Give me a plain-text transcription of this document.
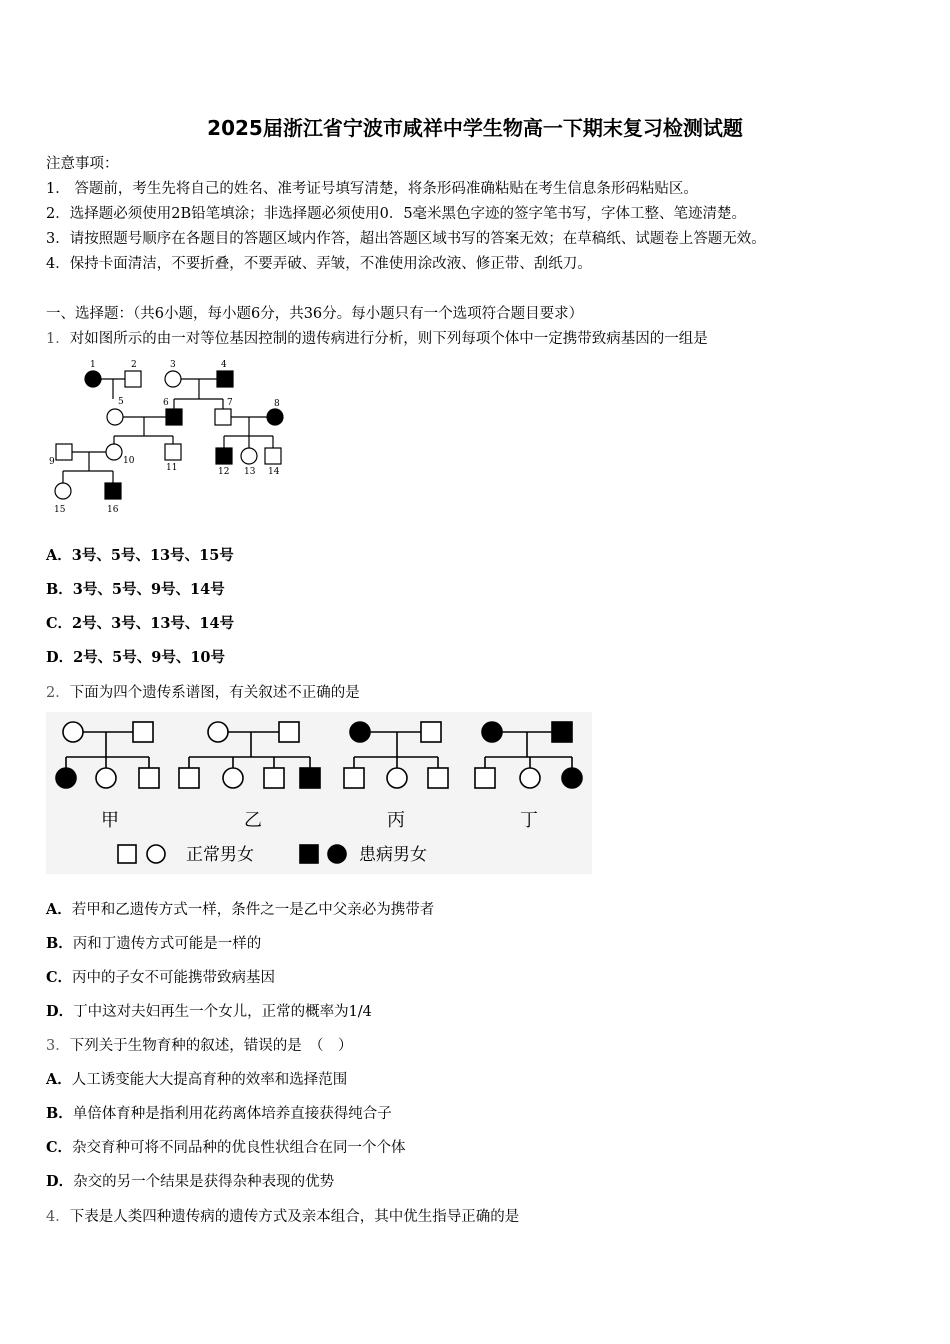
2025届浙江省宁波市咸祥中学生物高一下期末复习检测试题
注意事项：
1． 答题前，考生先将自己的姓名、准考证号填写清楚，将条形码准确粘贴在考生信息条形码粘贴区。
2．选择题必须使用2B铅笔填涂；非选择题必须使用0．5毫米黑色字迹的签字笔书写，字体工整、笔迹清楚。
3．请按照题号顺序在各题目的答题区域内作答，超出答题区域书写的答案无效；在草稿纸、试题卷上答题无效。
4．保持卡面清洁，不要折叠，不要弄破、弄皱，不准使用涂改液、修正带、刮纸刀。
一、选择题：（共6小题，每小题6分，共36分。每小题只有一个选项符合题目要求）
1．对如图所示的由一对等位基因控制的遗传病进行分析，则下列每项个体中一定携带致病基因的一组是
1	2	3	4
5	6	7	8
9	10
11	12 13 14
15	16
A．3号、5号、13号、15号
B．3号、5号、9号、14号
C．2号、3号、13号、14号
D．2号、5号、9号、10号
2．下面为四个遗传系谱图，有关叙述不正确的是
甲	乙	丙	丁
正常男女	患病男女
A．若甲和乙遗传方式一样，条件之一是乙中父亲必为携带者
B．丙和丁遗传方式可能是一样的
C．丙中的子女不可能携带致病基因
D．丁中这对夫妇再生一个女儿，正常的概率为1/4
3．下列关于生物育种的叙述，错误的是　（　）
A．人工诱变能大大提高育种的效率和选择范围
B．单倍体育种是指利用花药离体培养直接获得纯合子
C．杂交育种可将不同品种的优良性状组合在同一个个体
D．杂交的另一个结果是获得杂种表现的优势
4．下表是人类四种遗传病的遗传方式及亲本组合，其中优生指导正确的是
